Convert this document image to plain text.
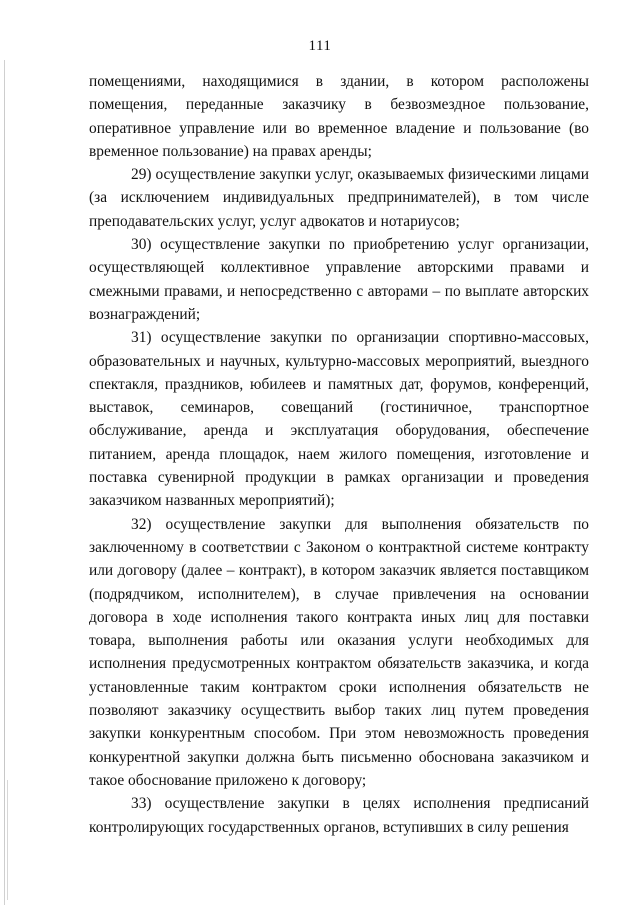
111

помещениями, находящимися в здании, в котором расположены помещения, переданные заказчику в безвозмездное пользование, оперативное управление или во временное владение и пользование (во временное пользование) на правах аренды;

29) осуществление закупки услуг, оказываемых физическими лицами (за исключением индивидуальных предпринимателей), в том числе преподавательских услуг, услуг адвокатов и нотариусов;

30) осуществление закупки по приобретению услуг организации, осуществляющей коллективное управление авторскими правами и смежными правами, и непосредственно с авторами – по выплате авторских вознаграждений;

31) осуществление закупки по организации спортивно-массовых, образовательных и научных, культурно-массовых мероприятий, выездного спектакля, праздников, юбилеев и памятных дат, форумов, конференций, выставок, семинаров, совещаний (гостиничное, транспортное обслуживание, аренда и эксплуатация оборудования, обеспечение питанием, аренда площадок, наем жилого помещения, изготовление и поставка сувенирной продукции в рамках организации и проведения заказчиком названных мероприятий);

32) осуществление закупки для выполнения обязательств по заключенному в соответствии с Законом о контрактной системе контракту или договору (далее – контракт), в котором заказчик является поставщиком (подрядчиком, исполнителем), в случае привлечения на основании договора в ходе исполнения такого контракта иных лиц для поставки товара, выполнения работы или оказания услуги необходимых для исполнения предусмотренных контрактом обязательств заказчика, и когда установленные таким контрактом сроки исполнения обязательств не позволяют заказчику осуществить выбор таких лиц путем проведения закупки конкурентным способом. При этом невозможность проведения конкурентной закупки должна быть письменно обоснована заказчиком и такое обоснование приложено к договору;

33) осуществление закупки в целях исполнения предписаний контролирующих государственных органов, вступивших в силу решения
